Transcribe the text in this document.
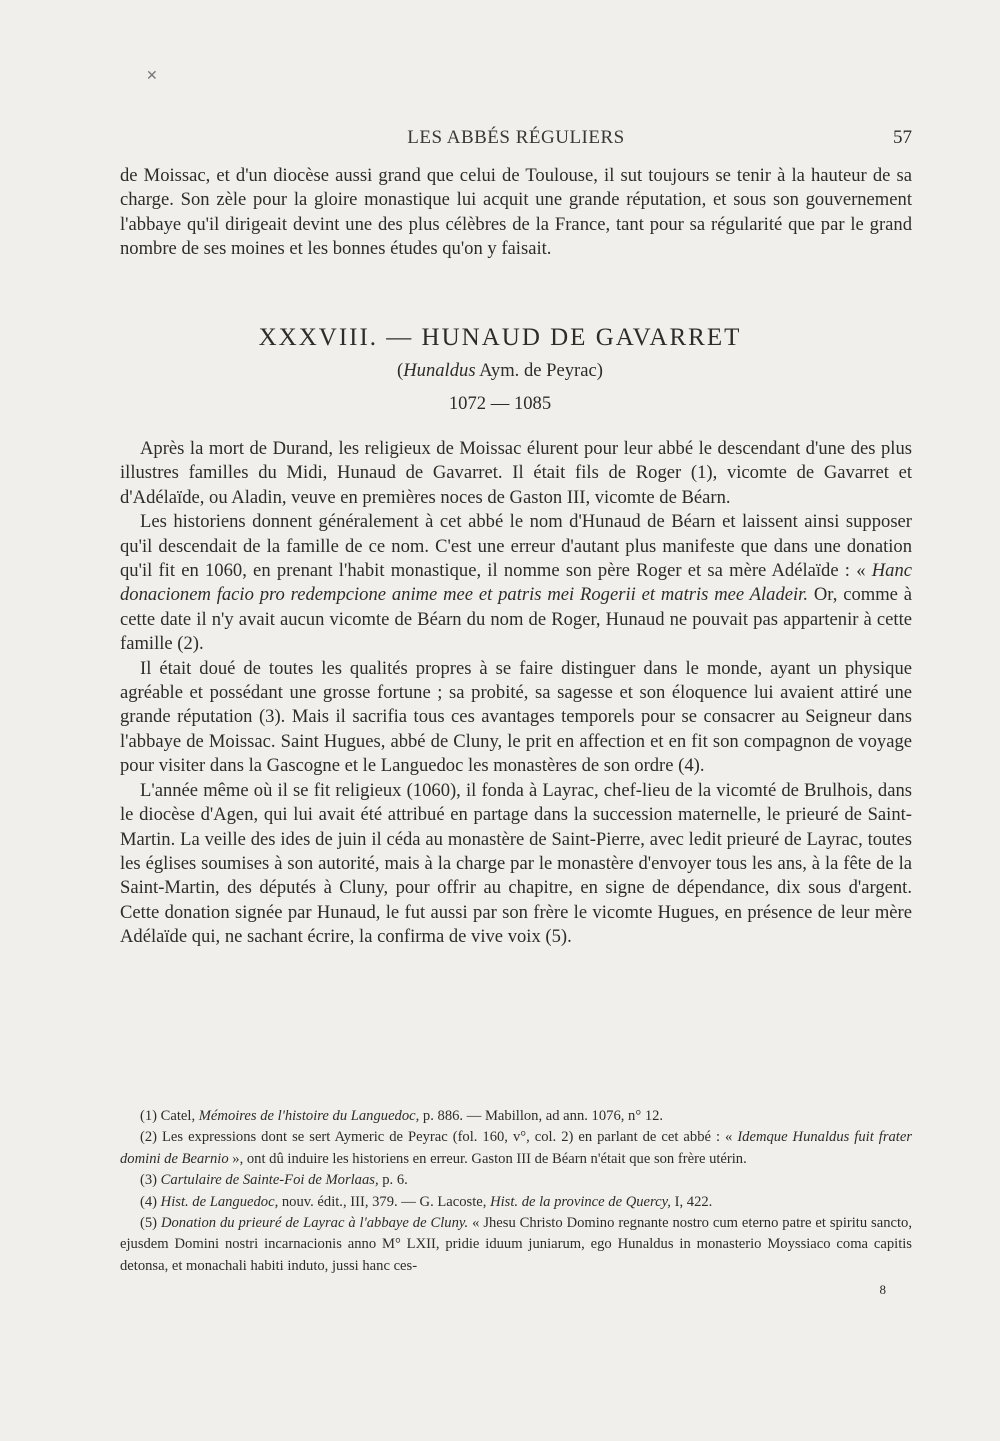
✕
LES ABBÉS RÉGULIERS	57

de Moissac, et d'un diocèse aussi grand que celui de Toulouse, il sut toujours se tenir à la hauteur de sa charge. Son zèle pour la gloire monastique lui acquit une grande réputation, et sous son gouvernement l'abbaye qu'il dirigeait devint une des plus célèbres de la France, tant pour sa régularité que par le grand nombre de ses moines et les bonnes études qu'on y faisait.

XXXVIII. — HUNAUD DE GAVARRET
(Hunaldus Aym. de Peyrac)
1072 — 1085

Après la mort de Durand, les religieux de Moissac élurent pour leur abbé le descendant d'une des plus illustres familles du Midi, Hunaud de Gavarret. Il était fils de Roger (1), vicomte de Gavarret et d'Adélaïde, ou Aladin, veuve en premières noces de Gaston III, vicomte de Béarn.

Les historiens donnent généralement à cet abbé le nom d'Hunaud de Béarn et laissent ainsi supposer qu'il descendait de la famille de ce nom. C'est une erreur d'autant plus manifeste que dans une donation qu'il fit en 1060, en prenant l'habit monastique, il nomme son père Roger et sa mère Adélaïde : « Hanc donacionem facio pro redempcione anime mee et patris mei Rogerii et matris mee Aladeir. Or, comme à cette date il n'y avait aucun vicomte de Béarn du nom de Roger, Hunaud ne pouvait pas appartenir à cette famille (2).

Il était doué de toutes les qualités propres à se faire distinguer dans le monde, ayant un physique agréable et possédant une grosse fortune ; sa probité, sa sagesse et son éloquence lui avaient attiré une grande réputation (3). Mais il sacrifia tous ces avantages temporels pour se consacrer au Seigneur dans l'abbaye de Moissac. Saint Hugues, abbé de Cluny, le prit en affection et en fit son compagnon de voyage pour visiter dans la Gascogne et le Languedoc les monastères de son ordre (4).

L'année même où il se fit religieux (1060), il fonda à Layrac, chef-lieu de la vicomté de Brulhois, dans le diocèse d'Agen, qui lui avait été attribué en partage dans la succession maternelle, le prieuré de Saint-Martin. La veille des ides de juin il céda au monastère de Saint-Pierre, avec ledit prieuré de Layrac, toutes les églises soumises à son autorité, mais à la charge par le monastère d'envoyer tous les ans, à la fête de la Saint-Martin, des députés à Cluny, pour offrir au chapitre, en signe de dépendance, dix sous d'argent. Cette donation signée par Hunaud, le fut aussi par son frère le vicomte Hugues, en présence de leur mère Adélaïde qui, ne sachant écrire, la confirma de vive voix (5).

(1) Catel, Mémoires de l'histoire du Languedoc, p. 886. — Mabillon, ad ann. 1076, n° 12.

(2) Les expressions dont se sert Aymeric de Peyrac (fol. 160, v°, col. 2) en parlant de cet abbé : « Idemque Hunaldus fuit frater domini de Bearnio », ont dû induire les historiens en erreur. Gaston III de Béarn n'était que son frère utérin.

(3) Cartulaire de Sainte-Foi de Morlaas, p. 6.

(4) Hist. de Languedoc, nouv. édit., III, 379. — G. Lacoste, Hist. de la province de Quercy, I, 422.

(5) Donation du prieuré de Layrac à l'abbaye de Cluny. « Jhesu Christo Domino regnante nostro cum eterno patre et spiritu sancto, ejusdem Domini nostri incarnacionis anno M° LXII, pridie iduum juniarum, ego Hunaldus in monasterio Moyssiaco coma capitis detonsa, et monachali habiti induto, jussi hanc ces-

8
